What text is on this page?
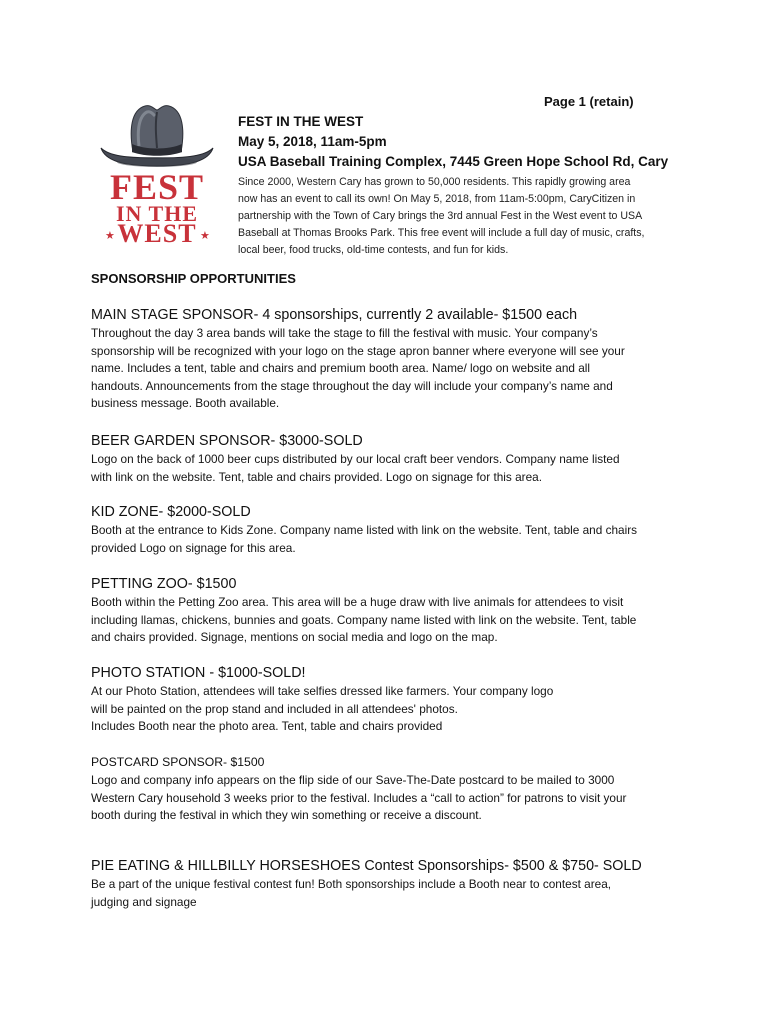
Page 1 (retain)
FEST
IN THE
★ WEST ★
FEST IN THE WEST
May 5, 2018, 11am-5pm
USA Baseball Training Complex, 7445 Green Hope School Rd, Cary
Since 2000, Western Cary has grown to 50,000 residents. This rapidly growing area
now has an event to call its own! On May 5, 2018, from 11am-5:00pm, CaryCitizen in
partnership with the Town of Cary brings the 3rd annual Fest in the West event to USA
Baseball at Thomas Brooks Park. This free event will include a full day of music, crafts,
local beer, food trucks, old-time contests, and fun for kids.
SPONSORSHIP OPPORTUNITIES
MAIN STAGE SPONSOR- 4 sponsorships, currently 2 available- $1500 each
Throughout the day 3 area bands will take the stage to fill the festival with music. Your company’s
sponsorship will be recognized with your logo on the stage apron banner where everyone will see your
name. Includes a tent, table and chairs and premium booth area. Name/ logo on website and all
handouts. Announcements from the stage throughout the day will include your company’s name and
business message. Booth available.
BEER GARDEN SPONSOR- $3000-SOLD
Logo on the back of 1000 beer cups distributed by our local craft beer vendors. Company name listed
with link on the website. Tent, table and chairs provided. Logo on signage for this area.
KID ZONE- $2000-SOLD
Booth at the entrance to Kids Zone. Company name listed with link on the website. Tent, table and chairs
provided Logo on signage for this area.
PETTING ZOO- $1500
Booth within the Petting Zoo area. This area will be a huge draw with live animals for attendees to visit
including llamas, chickens, bunnies and goats. Company name listed with link on the website. Tent, table
and chairs provided. Signage, mentions on social media and logo on the map.
PHOTO STATION - $1000-SOLD!
At our Photo Station, attendees will take selfies dressed like farmers. Your company logo
will be painted on the prop stand and included in all attendees' photos.
Includes Booth near the photo area. Tent, table and chairs provided
POSTCARD SPONSOR- $1500
Logo and company info appears on the flip side of our Save-The-Date postcard to be mailed to 3000
Western Cary household 3 weeks prior to the festival. Includes a “call to action” for patrons to visit your
booth during the festival in which they win something or receive a discount.
PIE EATING & HILLBILLY HORSESHOES Contest Sponsorships- $500 & $750- SOLD
Be a part of the unique festival contest fun! Both sponsorships include a Booth near to contest area,
judging and signage
